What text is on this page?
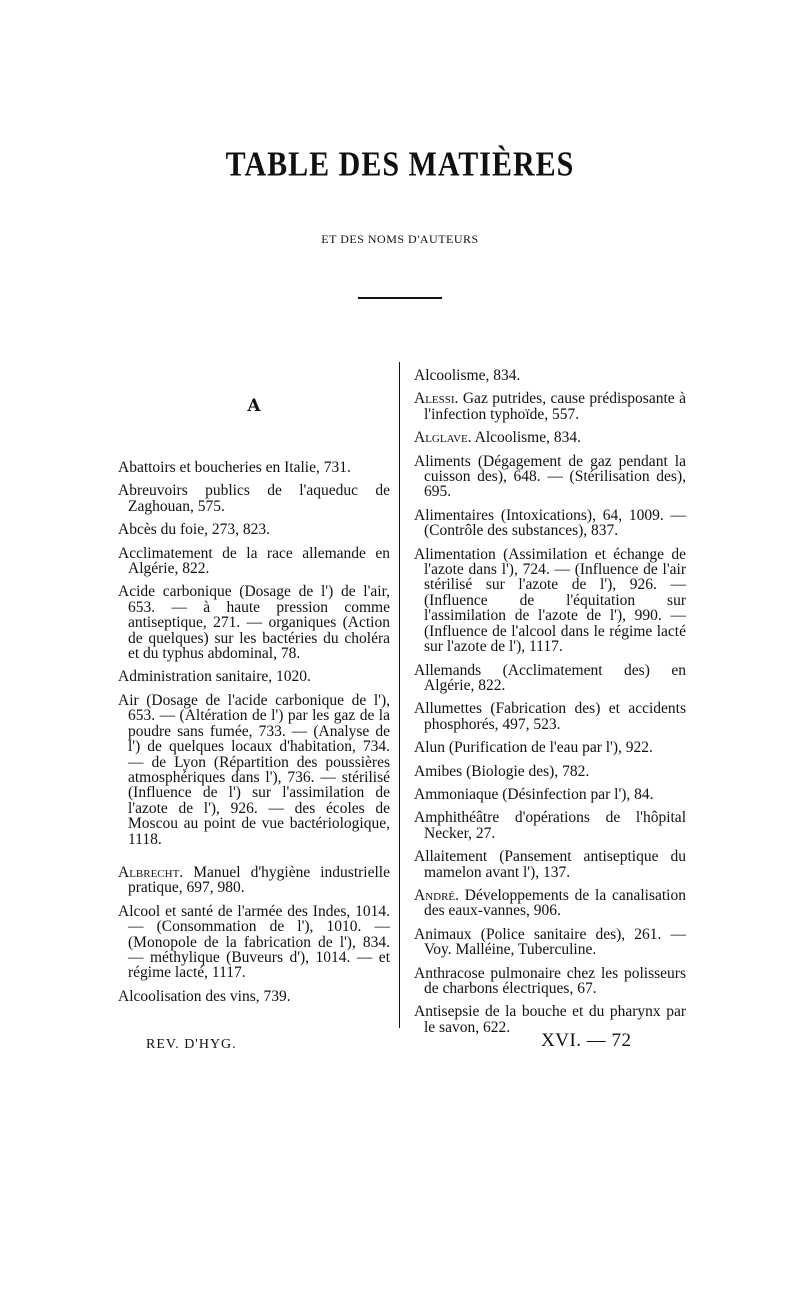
TABLE DES MATIÈRES
ET DES NOMS D'AUTEURS
A
Abattoirs et boucheries en Italie, 731.
Abreuvoirs publics de l'aqueduc de Zaghouan, 575.
Abcès du foie, 273, 823.
Acclimatement de la race allemande en Algérie, 822.
Acide carbonique (Dosage de l') de l'air, 653. — à haute pression comme antiseptique, 271. — organiques (Action de quelques) sur les bactéries du choléra et du typhus abdominal, 78.
Administration sanitaire, 1020.
Air (Dosage de l'acide carbonique de l'), 653. — (Altération de l') par les gaz de la poudre sans fumée, 733. — (Analyse de l') de quelques locaux d'habitation, 734. — de Lyon (Répartition des poussières atmosphériques dans l'), 736. — stérilisé (Influence de l') sur l'assimilation de l'azote de l'), 926. — des écoles de Moscou au point de vue bactériologique, 1118.
Albrecht. Manuel d'hygiène industrielle pratique, 697, 980.
Alcool et santé de l'armée des Indes, 1014. — (Consommation de l'), 1010. — (Monopole de la fabrication de l'), 834. — méthylique (Buveurs d'), 1014. — et régime lacté, 1117.
Alcoolisation des vins, 739.
Alcoolisme, 834.
Alessi. Gaz putrides, cause prédisposante à l'infection typhoïde, 557.
Alglave. Alcoolisme, 834.
Aliments (Dégagement de gaz pendant la cuisson des), 648. — (Stérilisation des), 695.
Alimentaires (Intoxications), 64, 1009. — (Contrôle des substances), 837.
Alimentation (Assimilation et échange de l'azote dans l'), 724. — (Influence de l'air stérilisé sur l'azote de l'), 926. — (Influence de l'équitation sur l'assimilation de l'azote de l'), 990. — (Influence de l'alcool dans le régime lacté sur l'azote de l'), 1117.
Allemands (Acclimatement des) en Algérie, 822.
Allumettes (Fabrication des) et accidents phosphorés, 497, 523.
Alun (Purification de l'eau par l'), 922.
Amibes (Biologie des), 782.
Ammoniaque (Désinfection par l'), 84.
Amphithéâtre d'opérations de l'hôpital Necker, 27.
Allaitement (Pansement antiseptique du mamelon avant l'), 137.
André. Développements de la canalisation des eaux-vannes, 906.
Animaux (Police sanitaire des), 261. — Voy. Malléine, Tuberculine.
Anthracose pulmonaire chez les polisseurs de charbons électriques, 67.
Antisepsie de la bouche et du pharynx par le savon, 622.
REV. D'HYG.	XVI. — 72
